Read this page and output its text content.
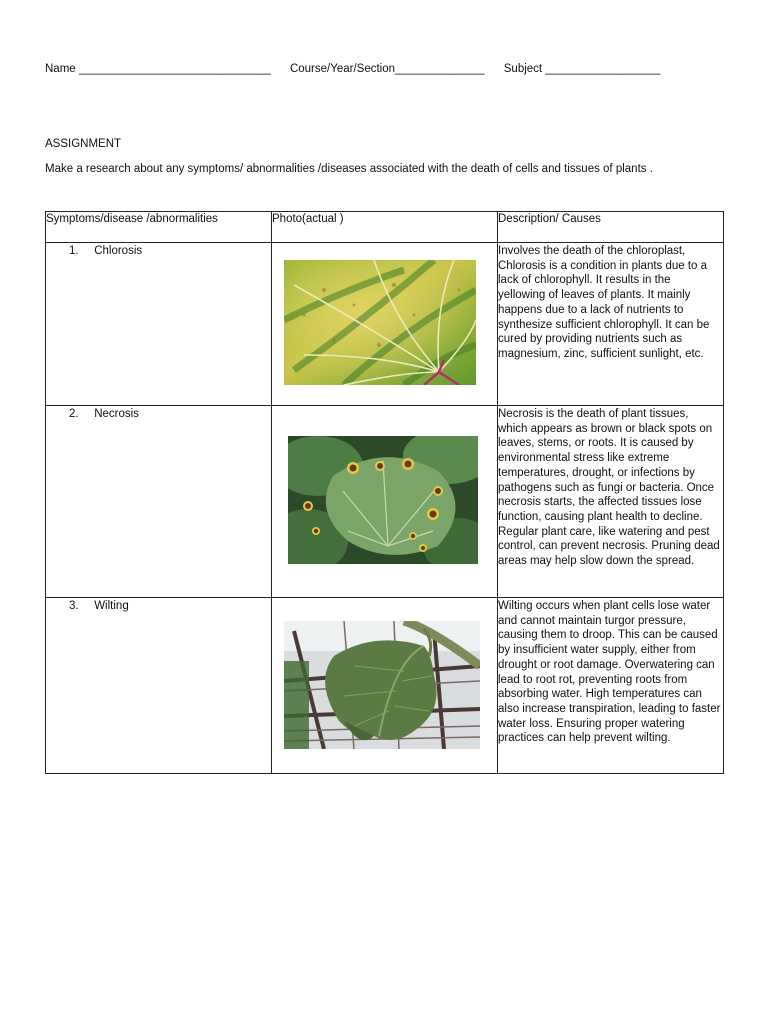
Name ______________________________ Course/Year/Section______________ Subject __________________
ASSIGNMENT
Make a research about any symptoms/ abnormalities /diseases associated with the death of cells and tissues of plants .
Symptoms/disease /abnormalities	Photo(actual )	Description/ Causes

1. Chlorosis		Involves the death of the chloroplast, Chlorosis is a condition in plants due to a lack of chlorophyll. It results in the yellowing of leaves of plants. It mainly happens due to a lack of nutrients to synthesize sufficient chlorophyll. It can be cured by providing nutrients such as magnesium, zinc, sufficient sunlight, etc.

2. Necrosis		Necrosis is the death of plant tissues, which appears as brown or black spots on leaves, stems, or roots. It is caused by environmental stress like extreme temperatures, drought, or infections by pathogens such as fungi or bacteria. Once necrosis starts, the affected tissues lose function, causing plant health to decline. Regular plant care, like watering and pest control, can prevent necrosis. Pruning dead areas may help slow down the spread.

3. Wilting		Wilting occurs when plant cells lose water and cannot maintain turgor pressure, causing them to droop. This can be caused by insufficient water supply, either from drought or root damage. Overwatering can lead to root rot, preventing roots from absorbing water. High temperatures can also increase transpiration, leading to faster water loss. Ensuring proper watering practices can help prevent wilting.
